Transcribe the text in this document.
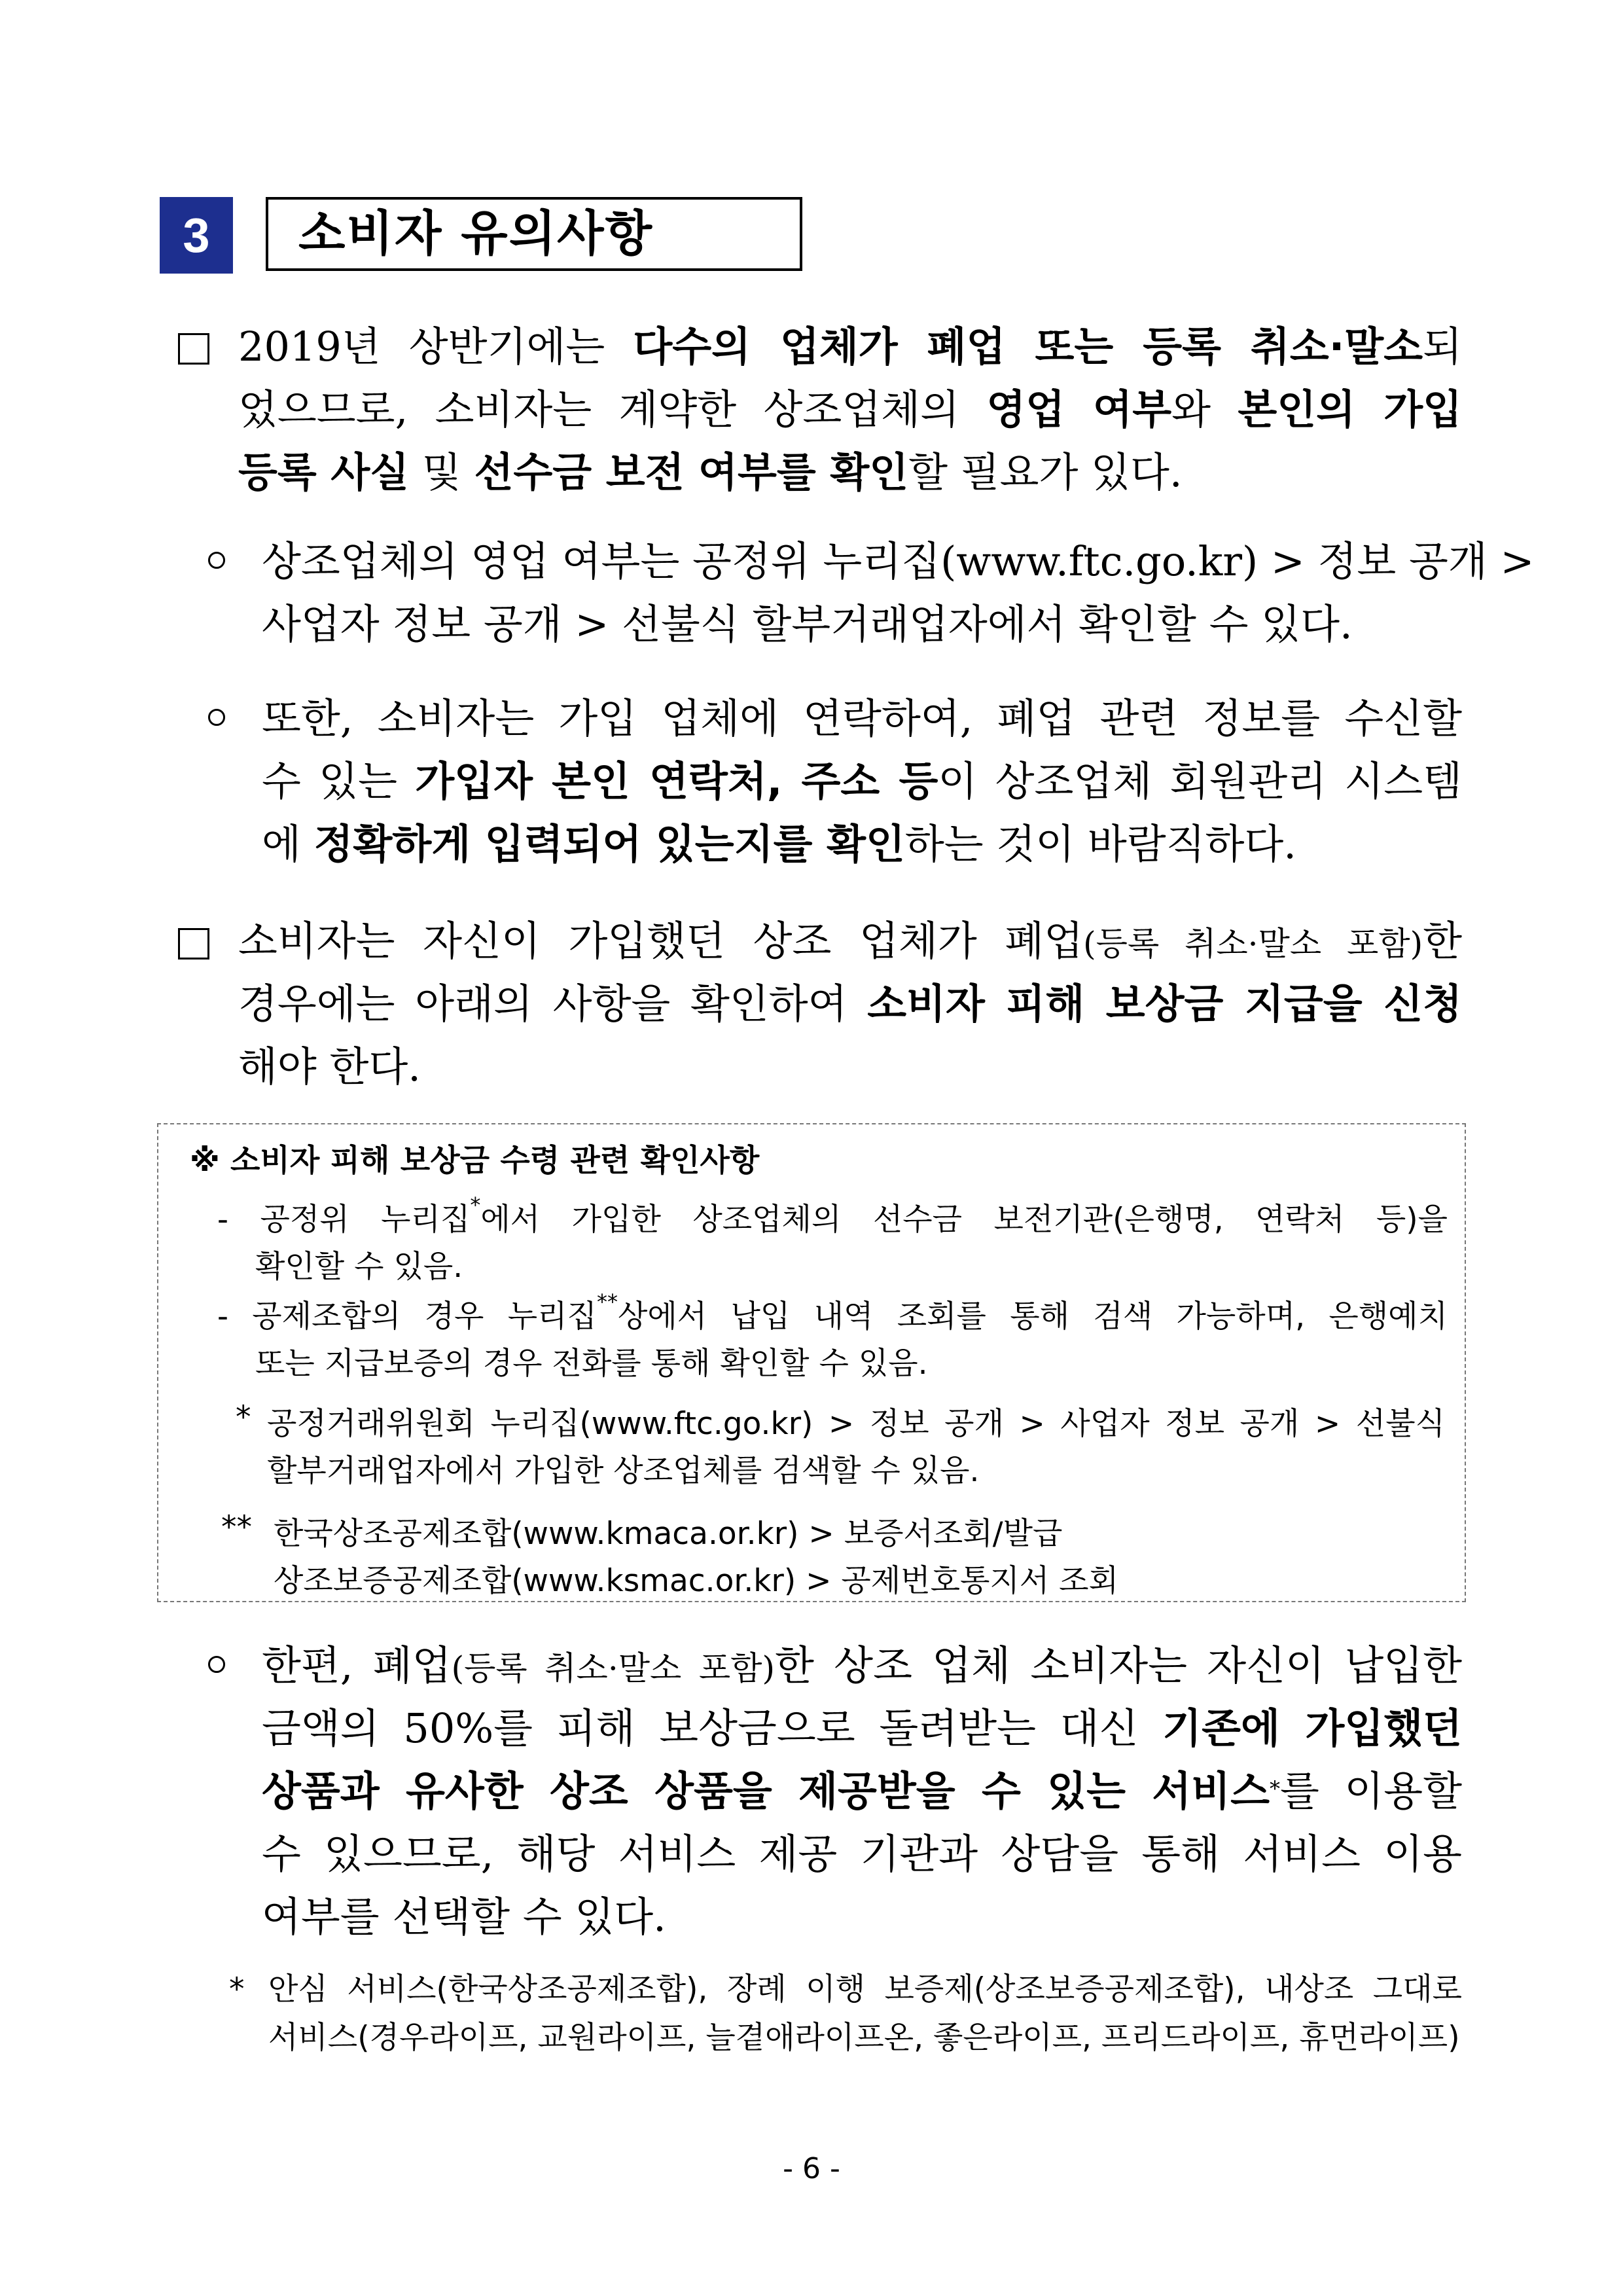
3	소비자 유의사항
2019년 상반기에는 다수의 업체가 폐업 또는 등록 취소·말소되
었으므로, 소비자는 계약한 상조업체의 영업 여부와 본인의 가입
등록 사실 및 선수금 보전 여부를 확인할 필요가 있다.
상조업체의 영업 여부는 공정위 누리집(www.ftc.go.kr) > 정보 공개 >
사업자 정보 공개 > 선불식 할부거래업자에서 확인할 수 있다.
또한, 소비자는 가입 업체에 연락하여, 폐업 관련 정보를 수신할
수 있는 가입자 본인 연락처, 주소 등이 상조업체 회원관리 시스템
에 정확하게 입력되어 있는지를 확인하는 것이 바람직하다.
소비자는 자신이 가입했던 상조 업체가 폐업(등록 취소·말소 포함)한
경우에는 아래의 사항을 확인하여 소비자 피해 보상금 지급을 신청
해야 한다.
※ 소비자 피해 보상금 수령 관련 확인사항
- 공정위 누리집*에서 가입한 상조업체의 선수금 보전기관(은행명, 연락처 등)을
확인할 수 있음.
- 공제조합의 경우 누리집**상에서 납입 내역 조회를 통해 검색 가능하며, 은행예치
또는 지급보증의 경우 전화를 통해 확인할 수 있음.
* 공정거래위원회 누리집(www.ftc.go.kr) > 정보 공개 > 사업자 정보 공개 > 선불식
할부거래업자에서 가입한 상조업체를 검색할 수 있음.
** 한국상조공제조합(www.kmaca.or.kr) > 보증서조회/발급
상조보증공제조합(www.ksmac.or.kr) > 공제번호통지서 조회
한편, 폐업(등록 취소·말소 포함)한 상조 업체 소비자는 자신이 납입한
금액의 50%를 피해 보상금으로 돌려받는 대신 기존에 가입했던
상품과 유사한 상조 상품을 제공받을 수 있는 서비스*를 이용할
수 있으므로, 해당 서비스 제공 기관과 상담을 통해 서비스 이용
여부를 선택할 수 있다.
* 안심 서비스(한국상조공제조합), 장례 이행 보증제(상조보증공제조합), 내상조 그대로
서비스(경우라이프, 교원라이프, 늘곁애라이프온, 좋은라이프, 프리드라이프, 휴먼라이프)
- 6 -
